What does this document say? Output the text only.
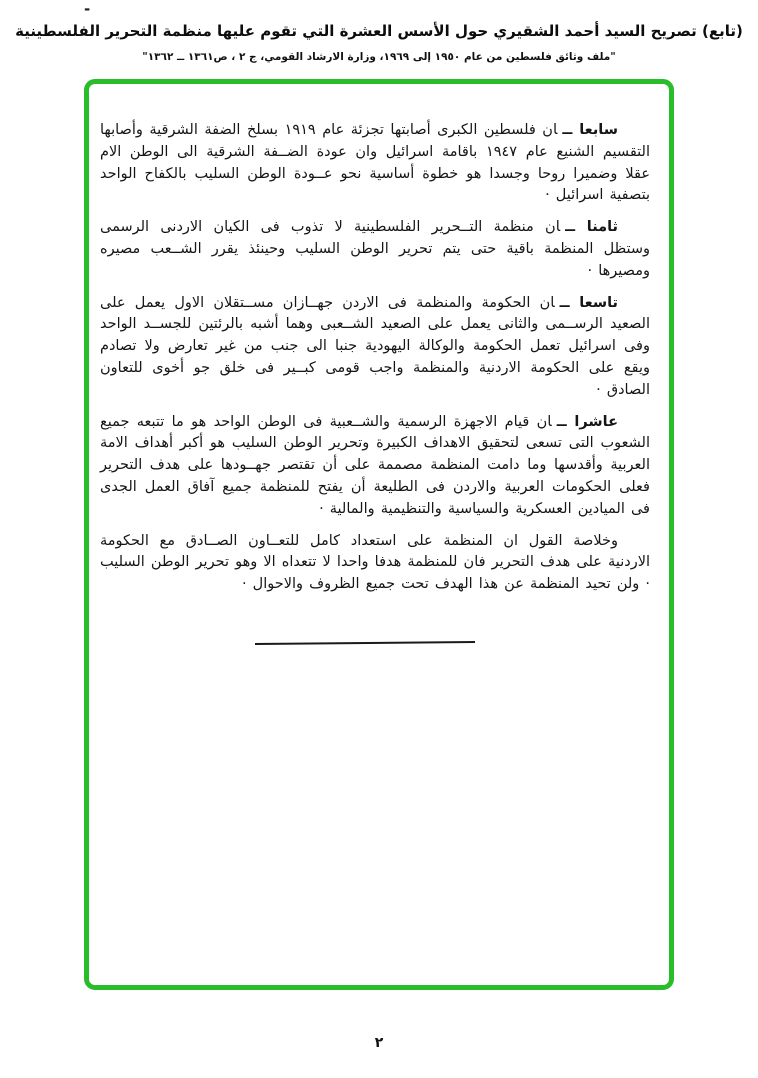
-
(تابع) تصريح السيد أحمد الشقيري حول الأسس العشرة التي تقوم عليها منظمة التحرير الفلسطينية
"ملف وثائق فلسطين من عام ١٩٥٠ إلى ١٩٦٩، وزارة الارشاد القومي، ج ٢ ، ص١٣٦١ ــ ١٣٦٢"

سابعا ــان فلسطين الكبرى أصابتها تجزئة عام ١٩١٩ بسلخ الضفة الشرقية وأصابها التقسيم الشنيع عام ١٩٤٧ باقامة اسرائيل وان عودة الضــفة الشرقية الى الوطن الام عقلا وضميرا روحا وجسدا هو خطوة أساسية نحو عــودة الوطن السليب بالكفاح الواحد بتصفية اسرائيل ·

ثامنا ــان منظمة التــحرير الفلسطينية لا تذوب فى الكيان الاردنى الرسمى وستظل المنظمة باقية حتى يتم تحرير الوطن السليب وحينئذ يقرر الشــعب مصيره ومصيرها ·

تاسعا ــان الحكومة والمنظمة فى الاردن جهــازان مســتقلان الاول يعمل على الصعيد الرســمى والثانى يعمل على الصعيد الشــعبى وهما أشبه بالرئتين للجســد الواحد وفى اسرائيل تعمل الحكومة والوكالة اليهودية جنبا الى جنب من غير تعارض ولا تصادم ويقع على الحكومة الاردنية والمنظمة واجب قومى كبــير فى خلق جو أخوى للتعاون الصادق ·

عاشرا ــان قيام الاجهزة الرسمية والشــعبية فى الوطن الواحد هو ما تتبعه جميع الشعوب التى تسعى لتحقيق الاهداف الكبيرة وتحرير الوطن السليب هو أكبر أهداف الامة العربية وأقدسها وما دامت المنظمة مصممة على أن تقتصر جهــودها على هدف التحرير فعلى الحكومات العربية والاردن فى الطليعة أن يفتح للمنظمة جميع آفاق العمل الجدى فى الميادين العسكرية والسياسية والتنظيمية والمالية ·

وخلاصة القول ان المنظمة على استعداد كامل للتعــاون الصــادق مع الحكومة الاردنية على هدف التحرير فان للمنظمة هدفا واحدا لا تتعداه الا وهو تحرير الوطن السليب · ولن تحيد المنظمة عن هذا الهدف تحت جميع الظروف والاحوال ·

٢
